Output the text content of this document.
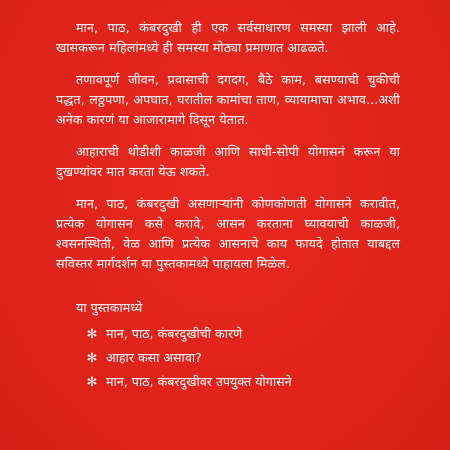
मान, पाठ, कंबरदुखी ही एक सर्वसाधारण समस्या झाली आहे. खासकरून महिलांमध्ये ही समस्या मोठ्या प्रमाणात आढळते.

तणावपूर्ण जीवन, प्रवासाची दगदग, बैठे काम, बसण्याची चुकीची पद्धत, लठ्ठपणा, अपघात, घरातील कामांचा ताण, व्यायामाचा अभाव...अशी अनेक कारणं या आजारामागे दिसून येतात.

आहाराची थोडीशी काळजी आणि साधी-सोपी योगासनं करून या दुखण्यांवर मात करता येऊ शकते.

मान, पाठ, कंबरदुखी असणाऱ्यांनी कोणकोणती योगासने करावीत, प्रत्येक योगासन कसे करावे, आसन करताना घ्यावयाची काळजी, श्वसनस्थिती, वेळ आणि प्रत्येक आसनाचे काय फायदे होतात याबद्दल सविस्तर मार्गदर्शन या पुस्तकामध्ये पाहायला मिळेल.

या पुस्तकामध्ये
✻ मान, पाठ, कंबरदुखीची कारणे
✻ आहार कसा असावा?
✻ मान, पाठ, कंबरदुखीवर उपयुक्त योगासने
